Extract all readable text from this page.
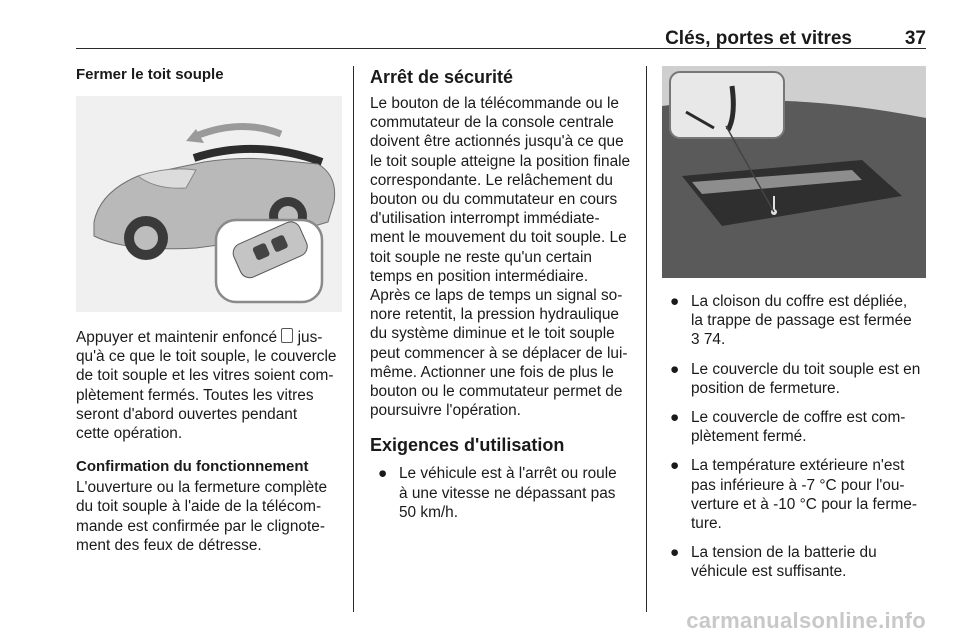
Clés, portes et vitres	37

Fermer le toit souple

Appuyer et maintenir enfoncé  jus-
qu'à ce que le toit souple, le couvercle
de toit souple et les vitres soient com-
plètement fermés. Toutes les vitres
seront d'abord ouvertes pendant
cette opération.

Confirmation du fonctionnement

L'ouverture ou la fermeture complète
du toit souple à l'aide de la télécom-
mande est confirmée par le clignote-
ment des feux de détresse.

Arrêt de sécurité

Le bouton de la télécommande ou le
commutateur de la console centrale
doivent être actionnés jusqu'à ce que
le toit souple atteigne la position finale
correspondante. Le relâchement du
bouton ou du commutateur en cours
d'utilisation interrompt immédiate-
ment le mouvement du toit souple. Le
toit souple ne reste qu'un certain
temps en position intermédiaire.
Après ce laps de temps un signal so-
nore retentit, la pression hydraulique
du système diminue et le toit souple
peut commencer à se déplacer de lui-
même. Actionner une fois de plus le
bouton ou le commutateur permet de
poursuivre l'opération.

Exigences d'utilisation

● Le véhicule est à l'arrêt ou roule
à une vitesse ne dépassant pas
50 km/h.
● La cloison du coffre est dépliée,
la trappe de passage est fermée
3 74.
● Le couvercle du toit souple est en
position de fermeture.
● Le couvercle de coffre est com-
plètement fermé.
● La température extérieure n'est
pas inférieure à -7 °C pour l'ou-
verture et à -10 °C pour la ferme-
ture.
● La tension de la batterie du
véhicule est suffisante.
carmanualsonline.info
